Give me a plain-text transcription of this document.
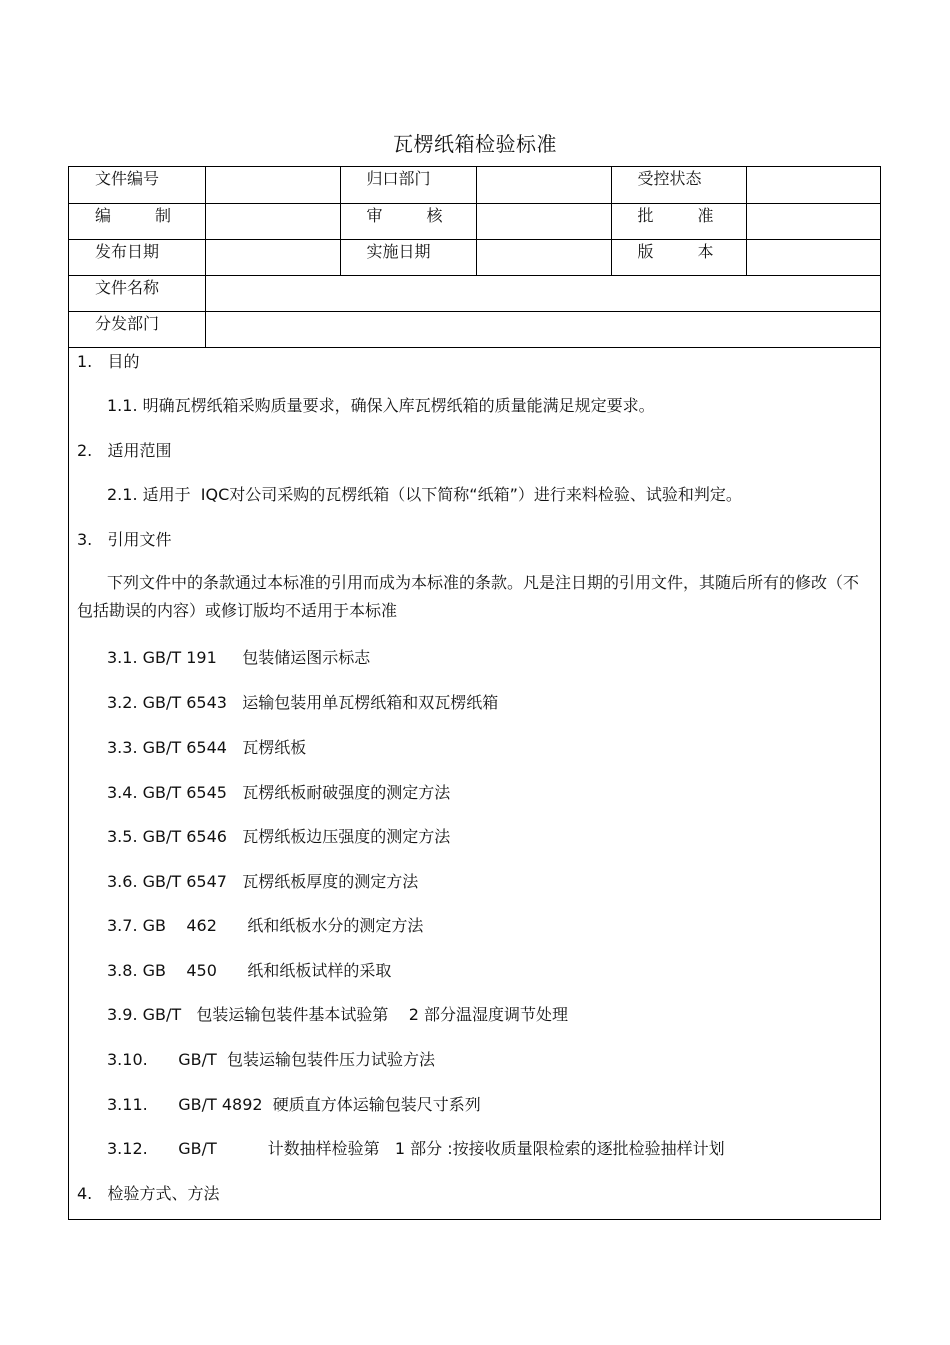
瓦楞纸箱检验标准
文件编号		归口部门		受控状态	

编 制		审 核		批 准	

发布日期		实施日期		版 本	

文件名称					
分发部门					
1.   目的
1.1. 明确瓦楞纸箱采购质量要求，确保入库瓦楞纸箱的质量能满足规定要求。
2.   适用范围
2.1. 适用于  IQC对公司采购的瓦楞纸箱（以下简称“纸箱”）进行来料检验、试验和判定。
3.   引用文件
下列文件中的条款通过本标准的引用而成为本标准的条款。凡是注日期的引用文件，其随后所有的修改（不包括勘误的内容）或修订版均不适用于本标准
3.1. GB/T 191     包装储运图示标志
3.2. GB/T 6543   运输包装用单瓦楞纸箱和双瓦楞纸箱
3.3. GB/T 6544   瓦楞纸板
3.4. GB/T 6545   瓦楞纸板耐破强度的测定方法
3.5. GB/T 6546   瓦楞纸板边压强度的测定方法
3.6. GB/T 6547   瓦楞纸板厚度的测定方法
3.7. GB    462      纸和纸板水分的测定方法
3.8. GB    450      纸和纸板试样的采取
3.9. GB/T   包装运输包装件基本试验第    2 部分温湿度调节处理
3.10.      GB/T  包装运输包装件压力试验方法
3.11.      GB/T 4892  硬质直方体运输包装尺寸系列
3.12.      GB/T          计数抽样检验第   1 部分 :按接收质量限检索的逐批检验抽样计划
4.   检验方式、方法
